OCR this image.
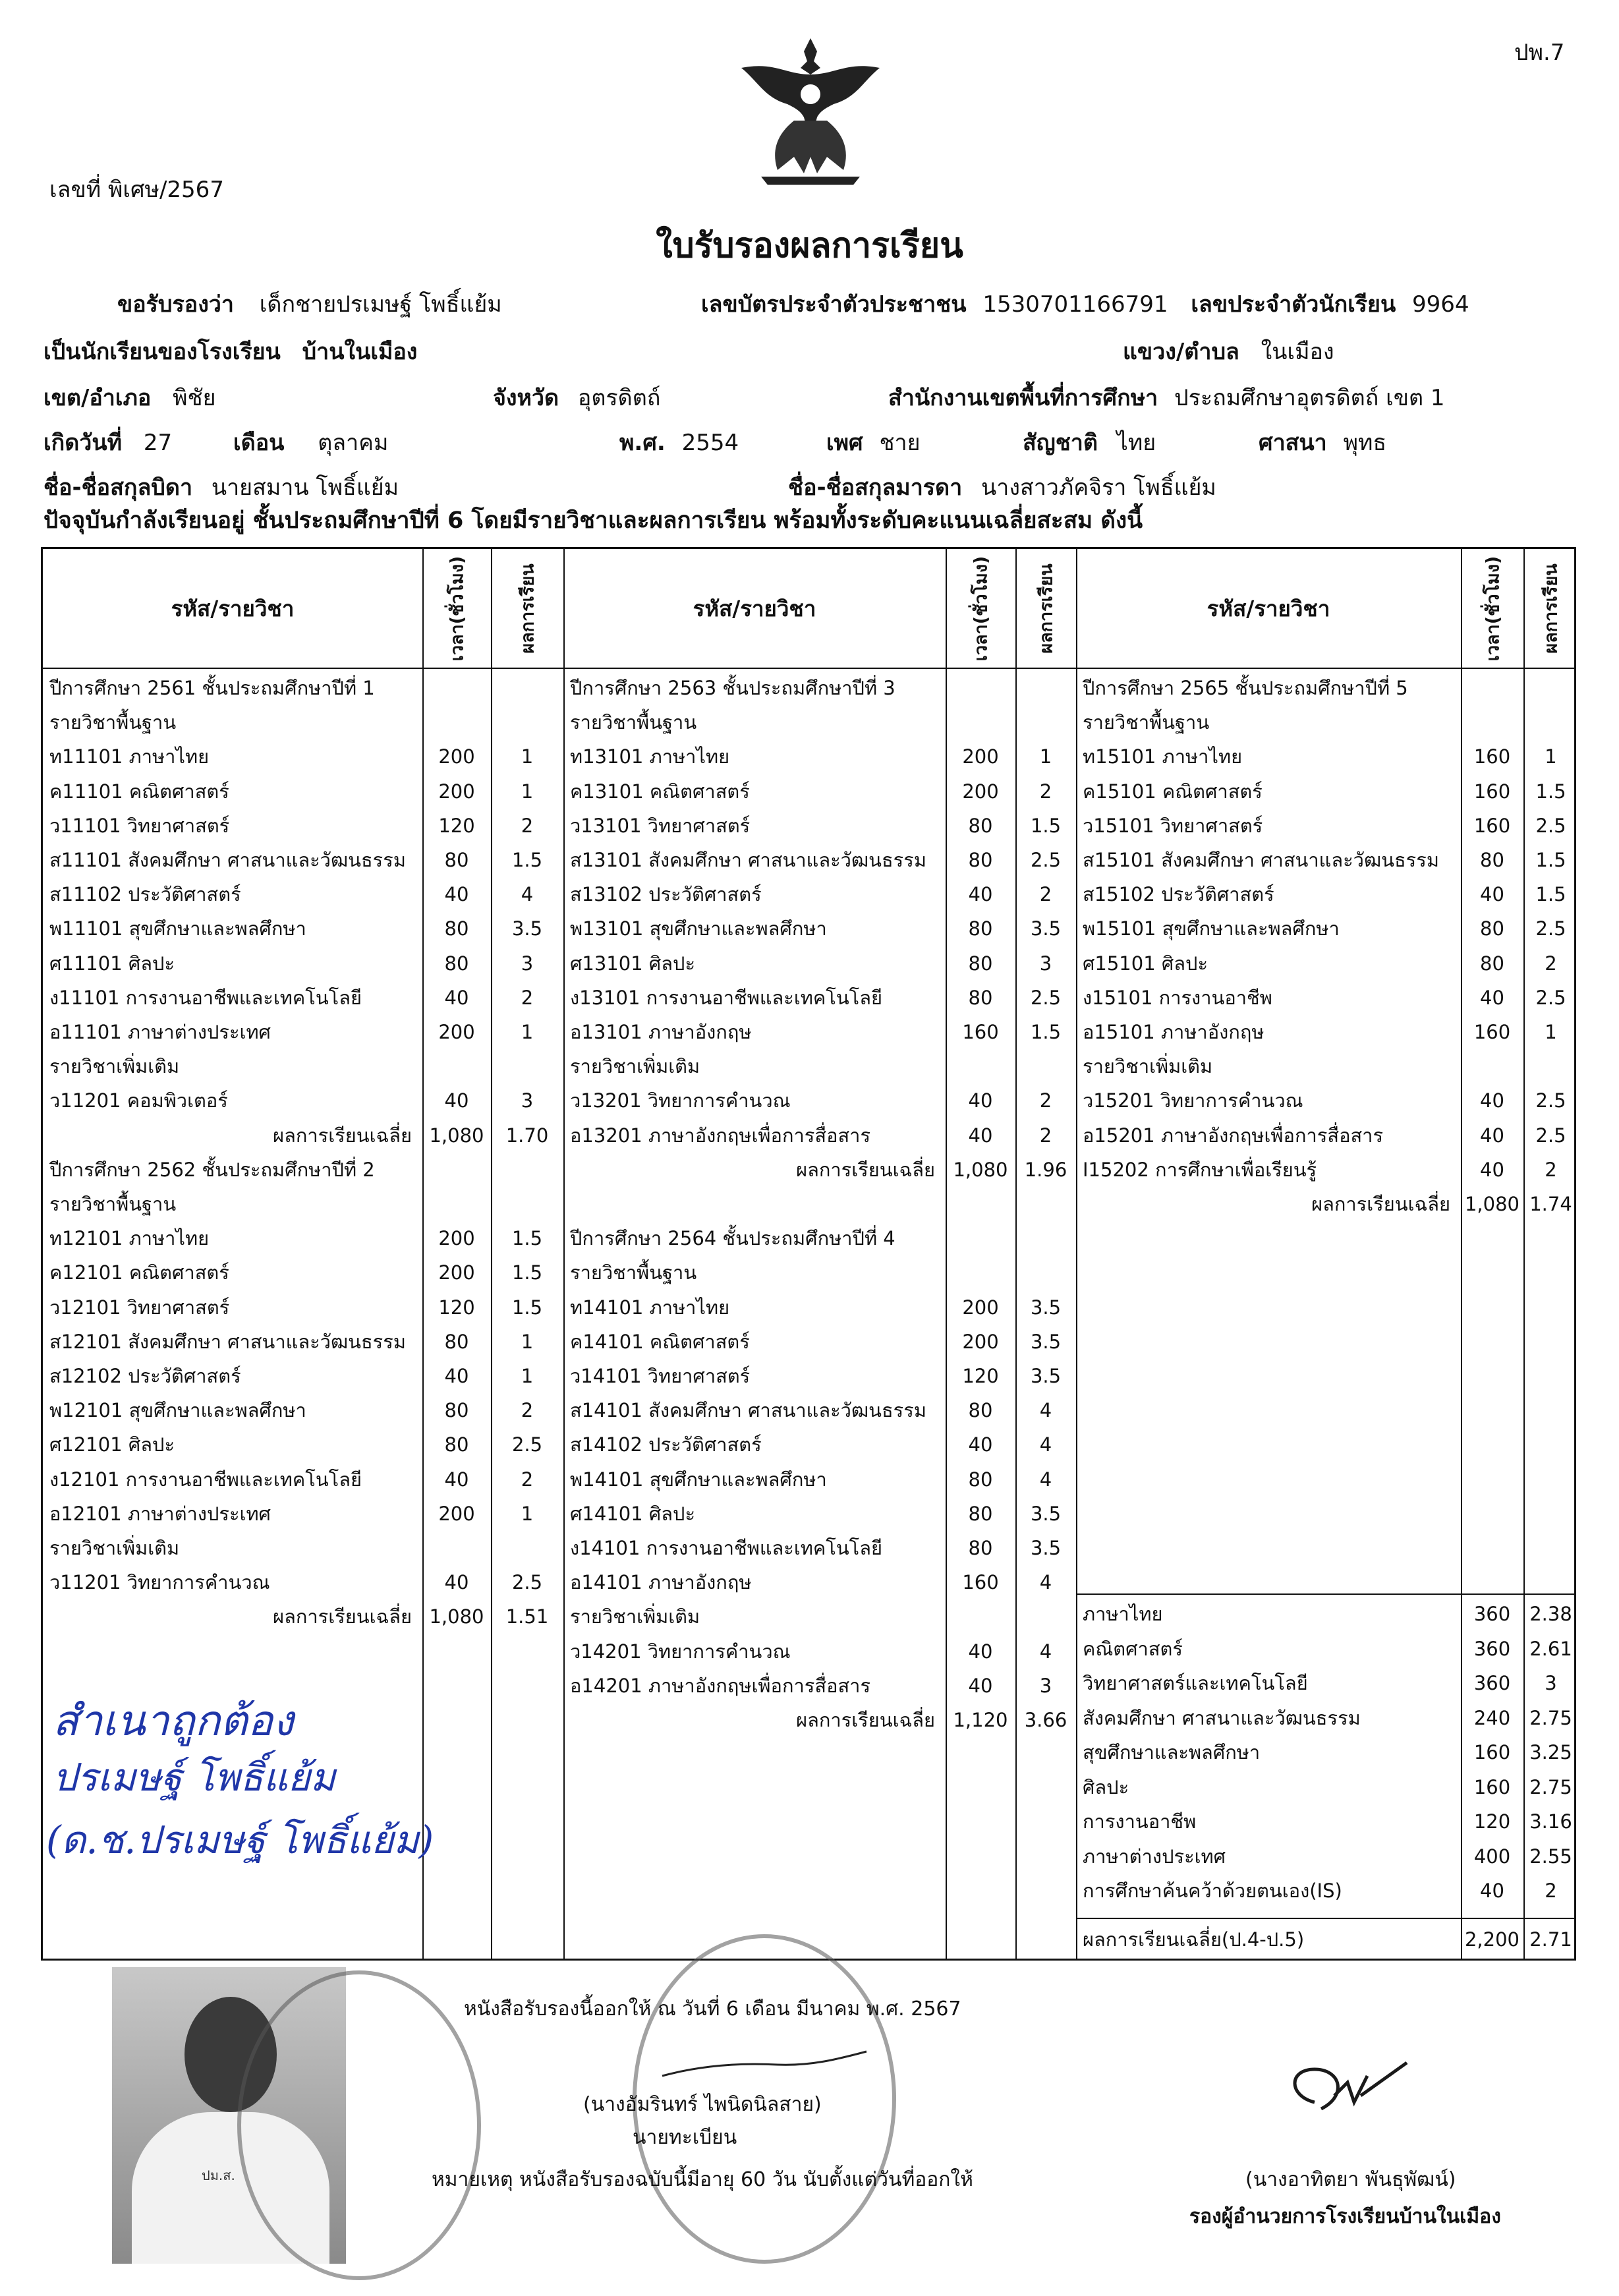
ปพ.7
เลขที่ พิเศษ/2567
ใบรับรองผลการเรียน
ขอรับรองว่า เด็กชายปรเมษฐ์ โพธิ์แย้ม	เลขบัตรประจำตัวประชาชน 1530701166791 เลขประจำตัวนักเรียน 9964
เป็นนักเรียนของโรงเรียน บ้านในเมือง	แขวง/ตำบล ในเมือง
เขต/อำเภอ พิชัย	จังหวัด อุตรดิตถ์	สำนักงานเขตพื้นที่การศึกษา ประถมศึกษาอุตรดิตถ์ เขต 1
เกิดวันที่ 27	เดือน ตุลาคม	พ.ศ. 2554	เพศ ชาย	สัญชาติ ไทย	ศาสนา พุทธ
ชื่อ-ชื่อสกุลบิดา นายสมาน โพธิ์แย้ม	ชื่อ-ชื่อสกุลมารดา นางสาวภัคจิรา โพธิ์แย้ม
ปัจจุบันกำลังเรียนอยู่ ชั้นประถมศึกษาปีที่ 6 โดยมีรายวิชาและผลการเรียน พร้อมทั้งระดับคะแนนเฉลี่ยสะสม ดังนี้
รหัส/รายวิชา	เวลา(ชั่วโมง)	ผลการเรียน	รหัส/รายวิชา	เวลา(ชั่วโมง)	ผลการเรียน	รหัส/รายวิชา	เวลา(ชั่วโมง) ผลการเรียน
ปีการศึกษา 2561 ชั้นประถมศึกษาปีที่ 1
รายวิชาพื้นฐาน
ท11101 ภาษาไทย	200	1
ค11101 คณิตศาสตร์	200	1
ว11101 วิทยาศาสตร์	120	2
ส11101 สังคมศึกษา ศาสนาและวัฒนธรรม	80	1.5
ส11102 ประวัติศาสตร์	40	4
พ11101 สุขศึกษาและพลศึกษา	80	3.5
ศ11101 ศิลปะ	80	3
ง11101 การงานอาชีพและเทคโนโลยี	40	2
อ11101 ภาษาต่างประเทศ	200	1
รายวิชาเพิ่มเติม
ว11201 คอมพิวเตอร์	40	3
ผลการเรียนเฉลี่ย 1,080	1.70
ปีการศึกษา 2562 ชั้นประถมศึกษาปีที่ 2
รายวิชาพื้นฐาน
ท12101 ภาษาไทย	200	1.5
ค12101 คณิตศาสตร์	200	1.5
ว12101 วิทยาศาสตร์	120	1.5
ส12101 สังคมศึกษา ศาสนาและวัฒนธรรม	80	1
ส12102 ประวัติศาสตร์	40	1
พ12101 สุขศึกษาและพลศึกษา	80	2
ศ12101 ศิลปะ	80	2.5
ง12101 การงานอาชีพและเทคโนโลยี	40	2
อ12101 ภาษาต่างประเทศ	200	1
รายวิชาเพิ่มเติม
ว11201 วิทยาการคำนวณ	40	2.5
ผลการเรียนเฉลี่ย 1,080	1.51
ปีการศึกษา 2563 ชั้นประถมศึกษาปีที่ 3
รายวิชาพื้นฐาน
ท13101 ภาษาไทย	200	1
ค13101 คณิตศาสตร์	200	2
ว13101 วิทยาศาสตร์	80	1.5
ส13101 สังคมศึกษา ศาสนาและวัฒนธรรม	80	2.5
ส13102 ประวัติศาสตร์	40	2
พ13101 สุขศึกษาและพลศึกษา	80	3.5
ศ13101 ศิลปะ	80	3
ง13101 การงานอาชีพและเทคโนโลยี	80	2.5
อ13101 ภาษาอังกฤษ	160	1.5
รายวิชาเพิ่มเติม
ว13201 วิทยาการคำนวณ	40	2
อ13201 ภาษาอังกฤษเพื่อการสื่อสาร	40	2
ผลการเรียนเฉลี่ย 1,080 1.96
ปีการศึกษา 2564 ชั้นประถมศึกษาปีที่ 4
รายวิชาพื้นฐาน
ท14101 ภาษาไทย	200	3.5
ค14101 คณิตศาสตร์	200	3.5
ว14101 วิทยาศาสตร์	120	3.5
ส14101 สังคมศึกษา ศาสนาและวัฒนธรรม	80	4
ส14102 ประวัติศาสตร์	40	4
พ14101 สุขศึกษาและพลศึกษา	80	4
ศ14101 ศิลปะ	80	3.5
ง14101 การงานอาชีพและเทคโนโลยี	80	3.5
อ14101 ภาษาอังกฤษ	160	4
รายวิชาเพิ่มเติม
ว14201 วิทยาการคำนวณ	40	4
อ14201 ภาษาอังกฤษเพื่อการสื่อสาร	40	3
ผลการเรียนเฉลี่ย 1,120 3.66
ปีการศึกษา 2565 ชั้นประถมศึกษาปีที่ 5
รายวิชาพื้นฐาน
ท15101 ภาษาไทย	160	1
ค15101 คณิตศาสตร์	160	1.5
ว15101 วิทยาศาสตร์	160	2.5
ส15101 สังคมศึกษา ศาสนาและวัฒนธรรม	80	1.5
ส15102 ประวัติศาสตร์	40	1.5
พ15101 สุขศึกษาและพลศึกษา	80	2.5
ศ15101 ศิลปะ	80	2
ง15101 การงานอาชีพ	40	2.5
อ15101 ภาษาอังกฤษ	160	1
รายวิชาเพิ่มเติม
ว15201 วิทยาการคำนวณ	40	2.5
อ15201 ภาษาอังกฤษเพื่อการสื่อสาร	40	2.5
I15202 การศึกษาเพื่อเรียนรู้	40	2
ผลการเรียนเฉลี่ย 1,080 1.74
ภาษาไทย	360	2.38
คณิตศาสตร์	360	2.61
วิทยาศาสตร์และเทคโนโลยี	360	3
สังคมศึกษา ศาสนาและวัฒนธรรม	240	2.75
สุขศึกษาและพลศึกษา	160	3.25
ศิลปะ	160	2.75
การงานอาชีพ	120	3.16
ภาษาต่างประเทศ	400	2.55
การศึกษาค้นคว้าด้วยตนเอง(IS)	40	2
ผลการเรียนเฉลี่ย(ป.4-ป.5)	2,200 2.71
สำเนาถูกต้อง
ปรเมษฐ์ โพธิ์แย้ม
(ด.ช.ปรเมษฐ์ โพธิ์แย้ม)
ปม.ส.
หนังสือรับรองนี้ออกให้ ณ วันที่ 6 เดือน มีนาคม พ.ศ. 2567
(นางอัมรินทร์ ไพนิดนิลสาย)
นายทะเบียน
หมายเหตุ หนังสือรับรองฉบับนี้มีอายุ 60 วัน นับตั้งแต่วันที่ออกให้	(นางอาทิตยา พันธุพัฒน์)
รองผู้อำนวยการโรงเรียนบ้านในเมือง
